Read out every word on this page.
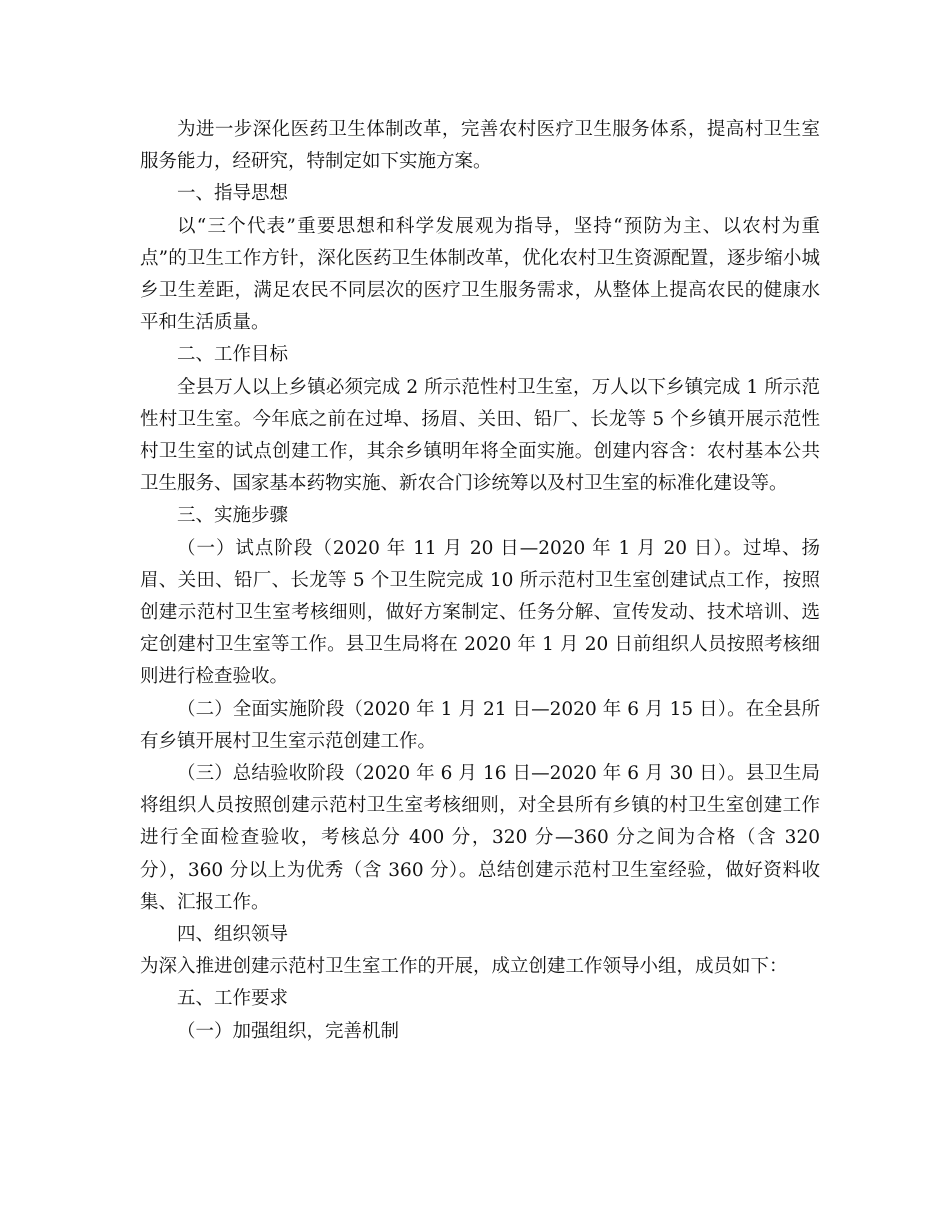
为进一步深化医药卫生体制改革，完善农村医疗卫生服务体系，提高村卫生室服务能力，经研究，特制定如下实施方案。

一、指导思想

以“三个代表”重要思想和科学发展观为指导，坚持“预防为主、以农村为重点”的卫生工作方针，深化医药卫生体制改革，优化农村卫生资源配置，逐步缩小城乡卫生差距，满足农民不同层次的医疗卫生服务需求，从整体上提高农民的健康水平和生活质量。

二、工作目标

全县万人以上乡镇必须完成 2 所示范性村卫生室，万人以下乡镇完成 1 所示范性村卫生室。今年底之前在过埠、扬眉、关田、铅厂、长龙等 5 个乡镇开展示范性村卫生室的试点创建工作，其余乡镇明年将全面实施。创建内容含：农村基本公共卫生服务、国家基本药物实施、新农合门诊统筹以及村卫生室的标准化建设等。

三、实施步骤

（一）试点阶段（2020 年 11 月 20 日—2020 年 1 月 20 日）。过埠、扬眉、关田、铅厂、长龙等 5 个卫生院完成 10 所示范村卫生室创建试点工作，按照创建示范村卫生室考核细则，做好方案制定、任务分解、宣传发动、技术培训、选定创建村卫生室等工作。县卫生局将在 2020 年 1 月 20 日前组织人员按照考核细则进行检查验收。

（二）全面实施阶段（2020 年 1 月 21 日—2020 年 6 月 15 日）。在全县所有乡镇开展村卫生室示范创建工作。

（三）总结验收阶段（2020 年 6 月 16 日—2020 年 6 月 30 日）。县卫生局将组织人员按照创建示范村卫生室考核细则，对全县所有乡镇的村卫生室创建工作进行全面检查验收，考核总分 400 分，320 分—360 分之间为合格（含 320 分），360 分以上为优秀（含 360 分）。总结创建示范村卫生室经验，做好资料收集、汇报工作。

四、组织领导

为深入推进创建示范村卫生室工作的开展，成立创建工作领导小组，成员如下：

五、工作要求

（一）加强组织，完善机制
